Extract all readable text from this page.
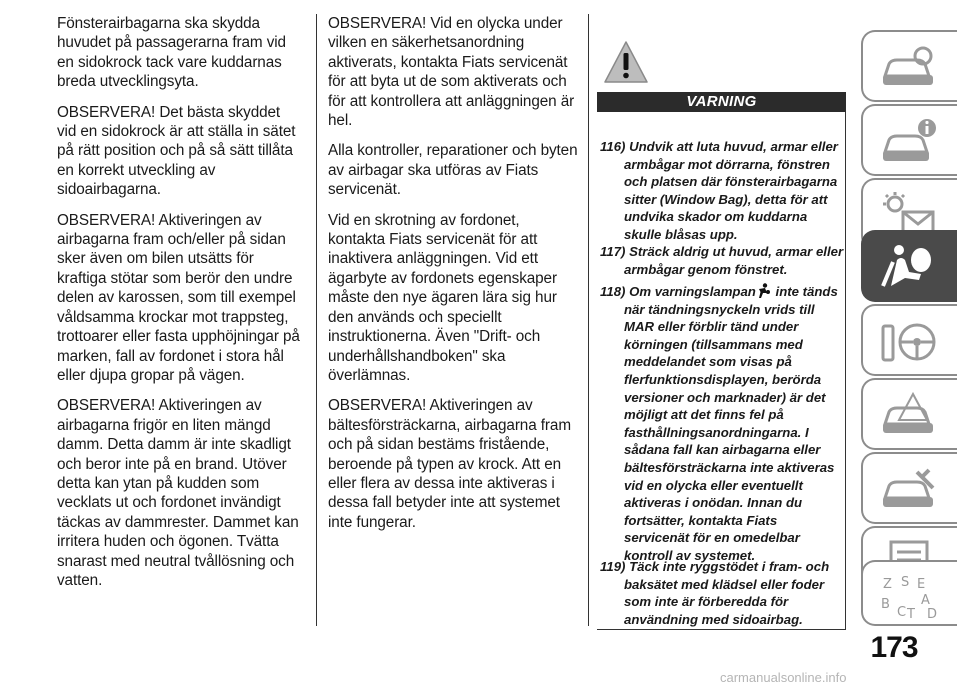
Fönsterairbagarna ska skydda huvudet på passagerarna fram vid en sidokrock tack vare kuddarnas breda utvecklingsyta.

OBSERVERA! Det bästa skyddet vid en sidokrock är att ställa in sätet på rätt position och på så sätt tillåta en korrekt utveckling av sidoairbagarna.

OBSERVERA! Aktiveringen av airbagarna fram och/eller på sidan sker även om bilen utsätts för kraftiga stötar som berör den undre delen av karossen, som till exempel våldsamma krockar mot trappsteg, trottoarer eller fasta upphöjningar på marken, fall av fordonet i stora hål eller djupa gropar på vägen.

OBSERVERA! Aktiveringen av airbagarna frigör en liten mängd damm. Detta damm är inte skadligt och beror inte på en brand. Utöver detta kan ytan på kudden som vecklats ut och fordonet invändigt täckas av dammrester. Dammet kan irritera huden och ögonen. Tvätta snarast med neutral tvållösning och vatten.

OBSERVERA! Vid en olycka under vilken en säkerhetsanordning aktiverats, kontakta Fiats servicenät för att byta ut de som aktiverats och för att kontrollera att anläggningen är hel.

Alla kontroller, reparationer och byten av airbagar ska utföras av Fiats servicenät.

Vid en skrotning av fordonet, kontakta Fiats servicenät för att inaktivera anläggningen. Vid ett ägarbyte av fordonets egenskaper måste den nye ägaren lära sig hur den används och speciellt instruktionerna. Även "Drift- och underhållshandboken" ska överlämnas.

OBSERVERA! Aktiveringen av bältesförsträckarna, airbagarna fram och på sidan bestäms fristående, beroende på typen av krock. Att en eller flera av dessa inte aktiveras i dessa fall betyder inte att systemet inte fungerar.

VARNING
116) Undvik att luta huvud, armar eller armbågar mot dörrarna, fönstren och platsen där fönsterairbagarna sitter (Window Bag), detta för att undvika skador om kuddarna skulle blåsas upp.
117) Sträck aldrig ut huvud, armar eller armbågar genom fönstret.
118) Om varningslampan inte tänds när tändningsnyckeln vrids till MAR eller förblir tänd under körningen (tillsammans med meddelandet som visas på flerfunktionsdisplayen, berörda versioner och marknader) är det möjligt att det finns fel på fasthållningsanordningarna. I sådana fall kan airbagarna eller bältesförsträckarna inte aktiveras vid en olycka eller eventuellt aktiveras i onödan. Innan du fortsätter, kontakta Fiats servicenät för en omedelbar kontroll av systemet.
119) Täck inte ryggstödet i fram- och baksätet med klädsel eller foder som inte är förberedda för användning med sidoairbag.
Z S E
A
B
C T D
173
carmanualsonline.info
